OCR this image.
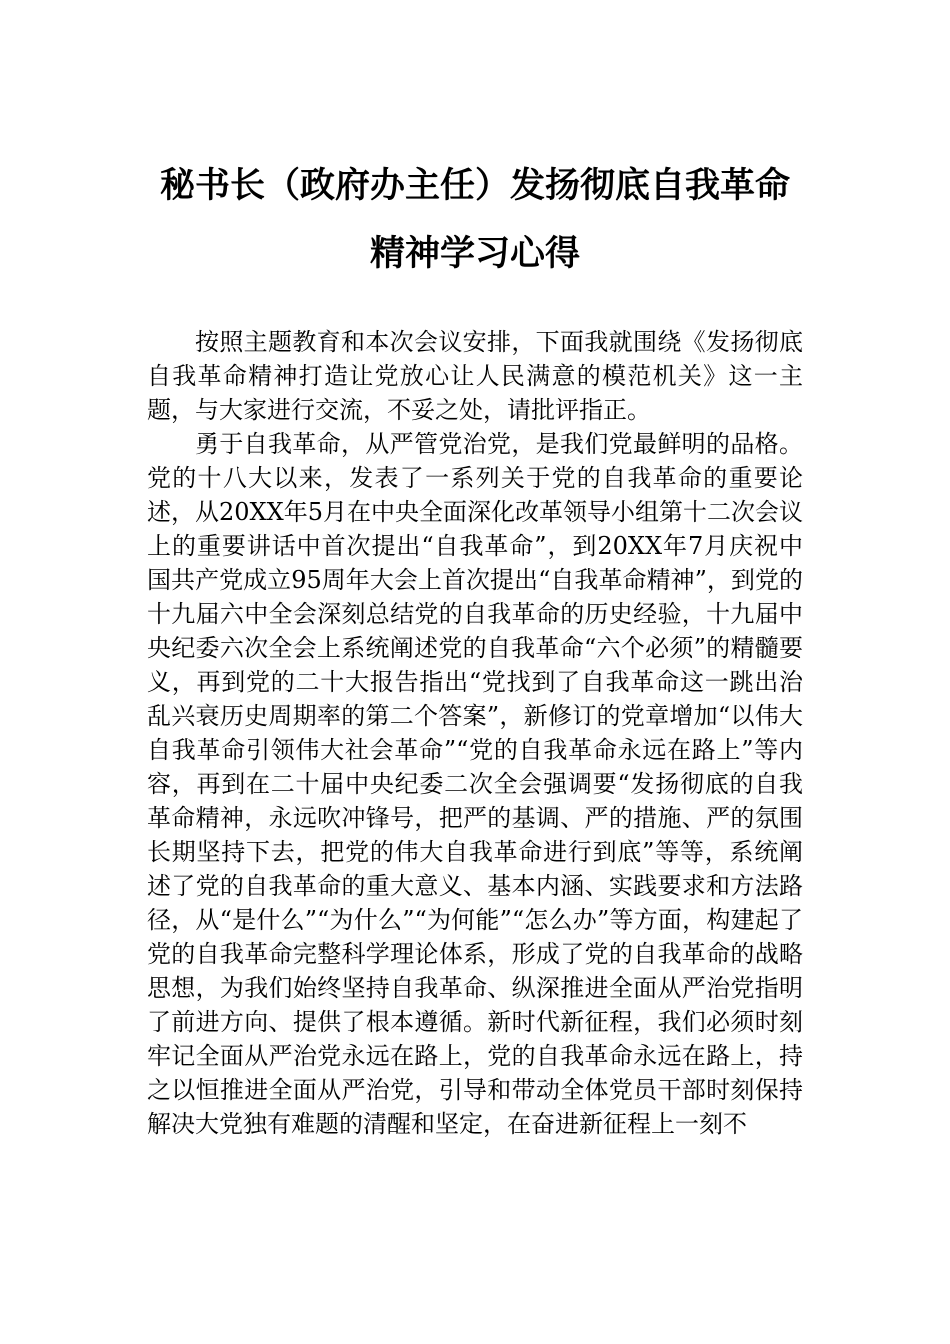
秘书长（政府办主任）发扬彻底自我革命
精神学习心得

按照主题教育和本次会议安排，下面我就围绕《发扬彻底自我革命精神打造让党放心让人民满意的模范机关》这一主题，与大家进行交流，不妥之处，请批评指正。

勇于自我革命，从严管党治党，是我们党最鲜明的品格。党的十八大以来，发表了一系列关于党的自我革命的重要论述，从20XX年5月在中央全面深化改革领导小组第十二次会议上的重要讲话中首次提出“自我革命”，到20XX年7月庆祝中国共产党成立95周年大会上首次提出“自我革命精神”，到党的十九届六中全会深刻总结党的自我革命的历史经验，十九届中央纪委六次全会上系统阐述党的自我革命“六个必须”的精髓要义，再到党的二十大报告指出“党找到了自我革命这一跳出治乱兴衰历史周期率的第二个答案”，新修订的党章增加“以伟大自我革命引领伟大社会革命”“党的自我革命永远在路上”等内容，再到在二十届中央纪委二次全会强调要“发扬彻底的自我革命精神，永远吹冲锋号，把严的基调、严的措施、严的氛围长期坚持下去，把党的伟大自我革命进行到底”等等，系统阐述了党的自我革命的重大意义、基本内涵、实践要求和方法路径，从“是什么”“为什么”“为何能”“怎么办”等方面，构建起了党的自我革命完整科学理论体系，形成了党的自我革命的战略思想，为我们始终坚持自我革命、纵深推进全面从严治党指明了前进方向、提供了根本遵循。新时代新征程，我们必须时刻牢记全面从严治党永远在路上，党的自我革命永远在路上，持之以恒推进全面从严治党，引导和带动全体党员干部时刻保持解决大党独有难题的清醒和坚定，在奋进新征程上一刻不
